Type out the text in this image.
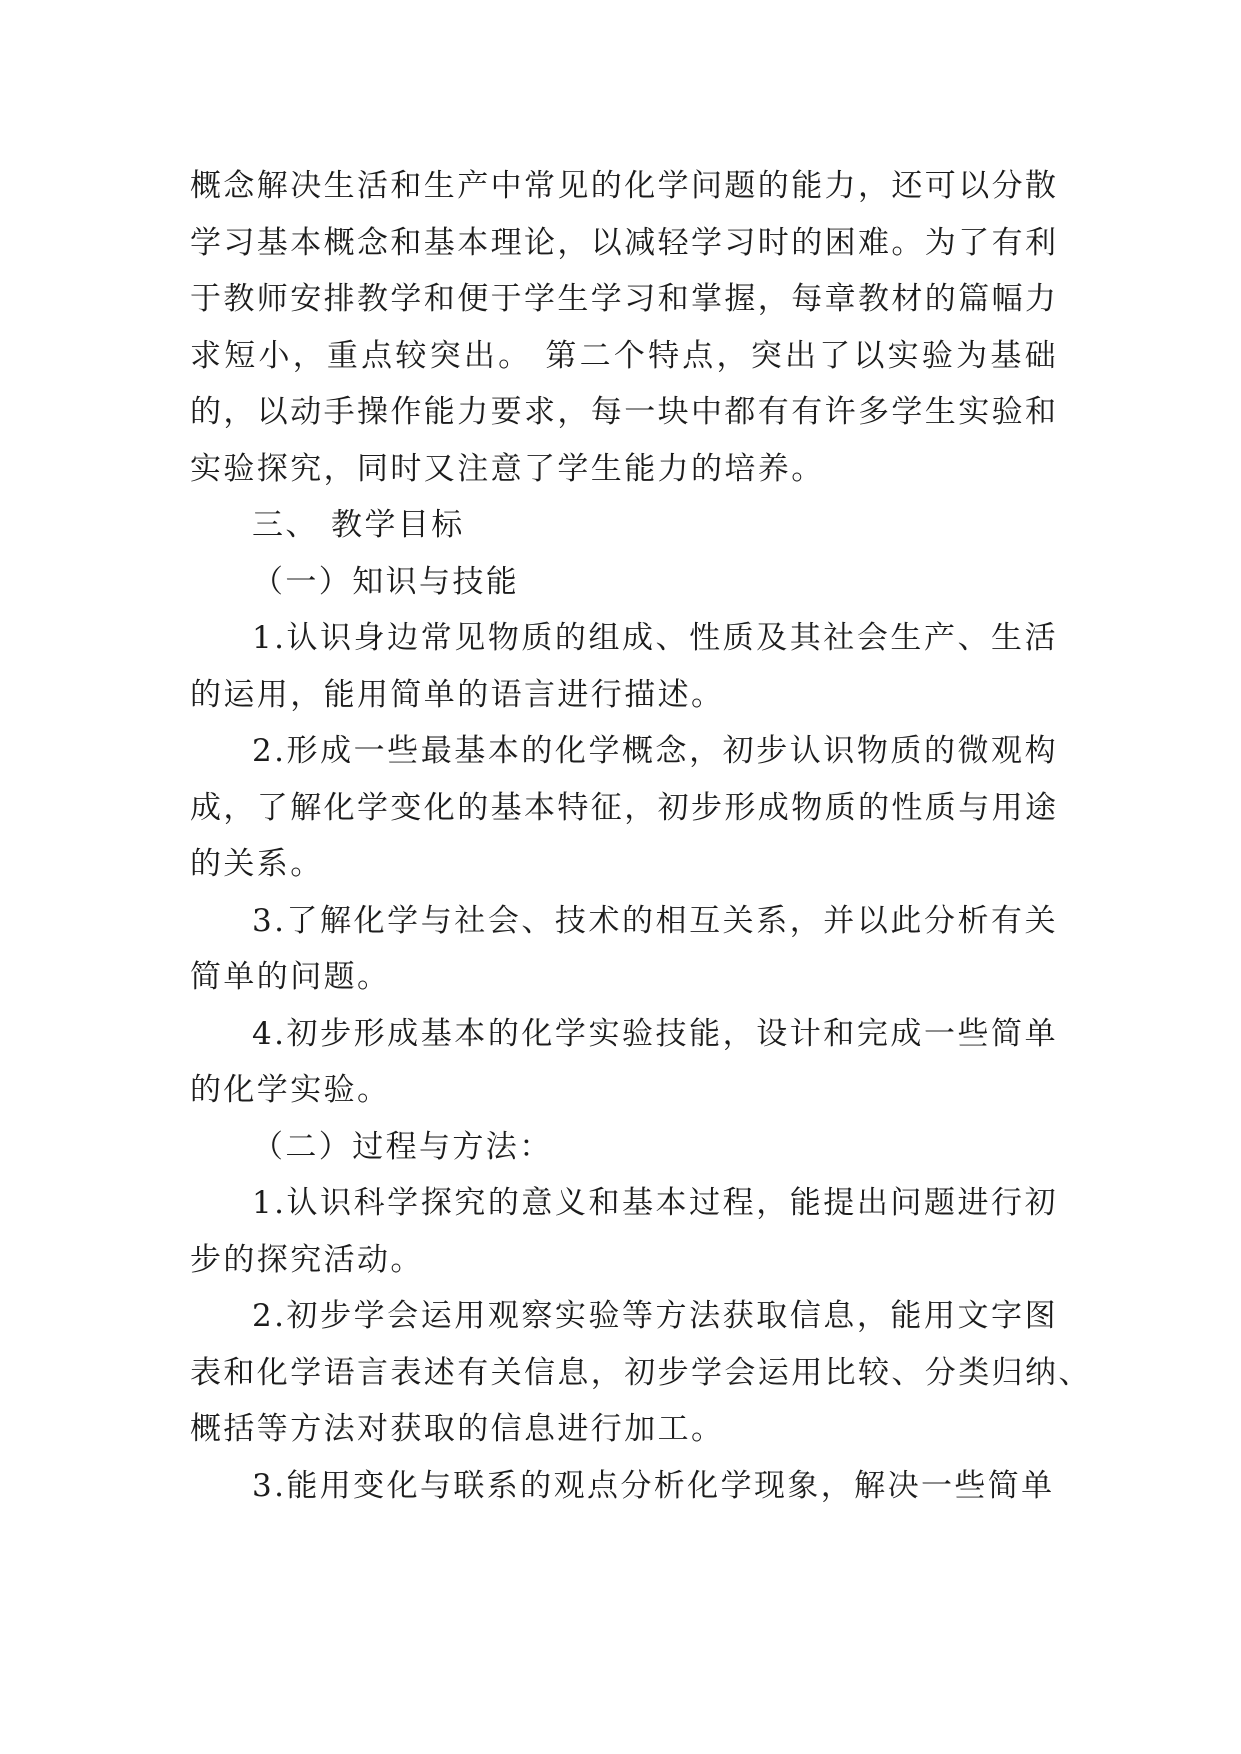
概念解决生活和生产中常见的化学问题的能力，还可以分散
学习基本概念和基本理论，以减轻学习时的困难。为了有利
于教师安排教学和便于学生学习和掌握，每章教材的篇幅力
求短小，重点较突出。 第二个特点，突出了以实验为基础
的，以动手操作能力要求，每一块中都有有许多学生实验和
实验探究，同时又注意了学生能力的培养。

三、 教学目标

（一）知识与技能

1.认识身边常见物质的组成、性质及其社会生产、生活
的运用，能用简单的语言进行描述。

2.形成一些最基本的化学概念，初步认识物质的微观构
成，了解化学变化的基本特征，初步形成物质的性质与用途
的关系。

3.了解化学与社会、技术的相互关系，并以此分析有关
简单的问题。

4.初步形成基本的化学实验技能，设计和完成一些简单
的化学实验。

（二）过程与方法：

1.认识科学探究的意义和基本过程，能提出问题进行初
步的探究活动。

2.初步学会运用观察实验等方法获取信息，能用文字图
表和化学语言表述有关信息，初步学会运用比较、分类归纳、
概括等方法对获取的信息进行加工。

3.能用变化与联系的观点分析化学现象，解决一些简单
